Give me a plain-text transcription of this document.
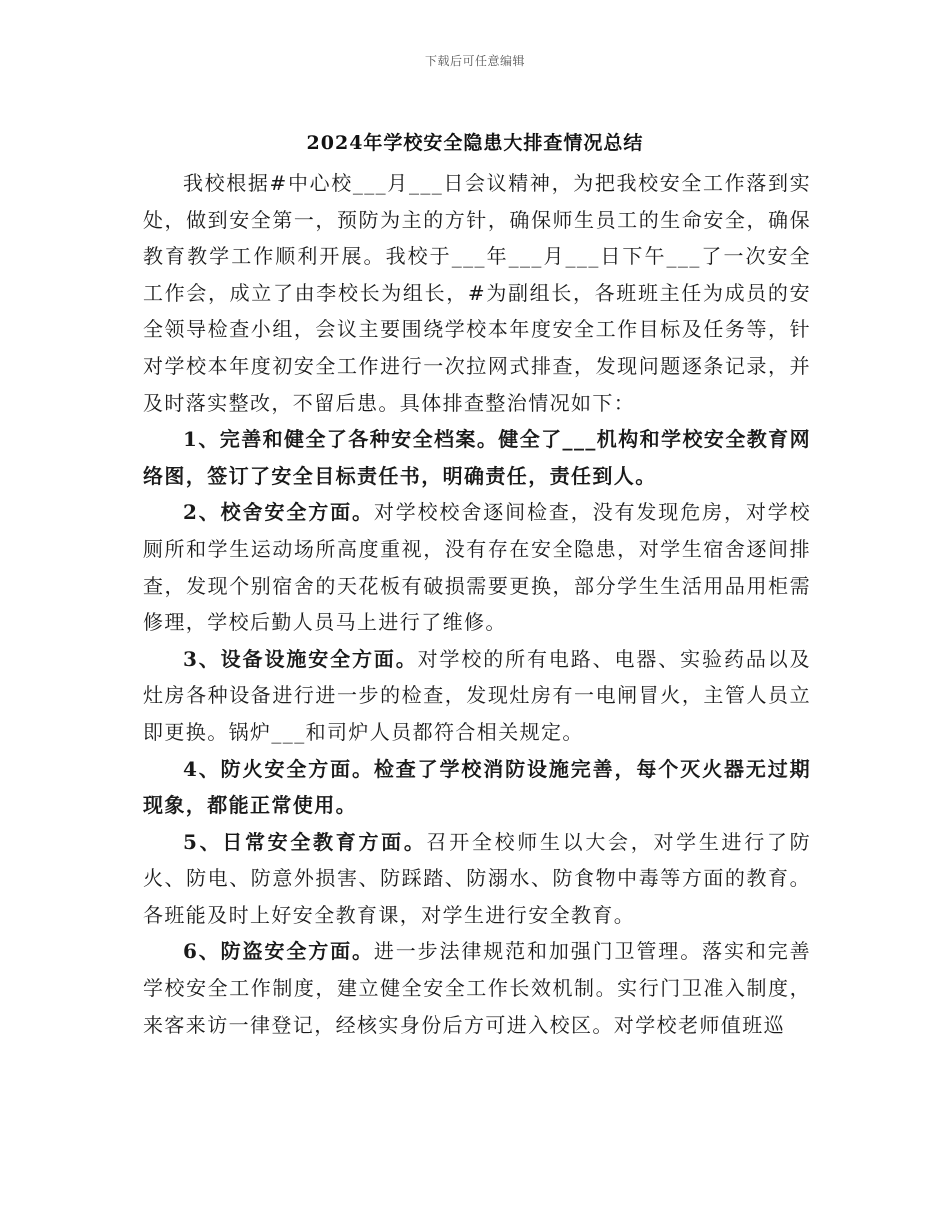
下载后可任意编辑
2024年学校安全隐患大排查情况总结

我校根据#中心校___月___日会议精神，为把我校安全工作落到实处，做到安全第一，预防为主的方针，确保师生员工的生命安全，确保教育教学工作顺利开展。我校于___年___月___日下午___了一次安全工作会，成立了由李校长为组长，#为副组长，各班班主任为成员的安全领导检查小组，会议主要围绕学校本年度安全工作目标及任务等，针对学校本年度初安全工作进行一次拉网式排查，发现问题逐条记录，并及时落实整改，不留后患。具体排查整治情况如下：

1、完善和健全了各种安全档案。健全了___机构和学校安全教育网络图，签订了安全目标责任书，明确责任，责任到人。

2、校舍安全方面。对学校校舍逐间检查，没有发现危房，对学校厕所和学生运动场所高度重视，没有存在安全隐患，对学生宿舍逐间排查，发现个别宿舍的天花板有破损需要更换，部分学生生活用品用柜需修理，学校后勤人员马上进行了维修。

3、设备设施安全方面。对学校的所有电路、电器、实验药品以及灶房各种设备进行进一步的检查，发现灶房有一电闸冒火，主管人员立即更换。锅炉___和司炉人员都符合相关规定。

4、防火安全方面。检查了学校消防设施完善，每个灭火器无过期现象，都能正常使用。

5、日常安全教育方面。召开全校师生以大会，对学生进行了防火、防电、防意外损害、防踩踏、防溺水、防食物中毒等方面的教育。各班能及时上好安全教育课，对学生进行安全教育。

6、防盗安全方面。进一步法律规范和加强门卫管理。落实和完善学校安全工作制度，建立健全安全工作长效机制。实行门卫准入制度，来客来访一律登记，经核实身份后方可进入校区。对学校老师值班巡
